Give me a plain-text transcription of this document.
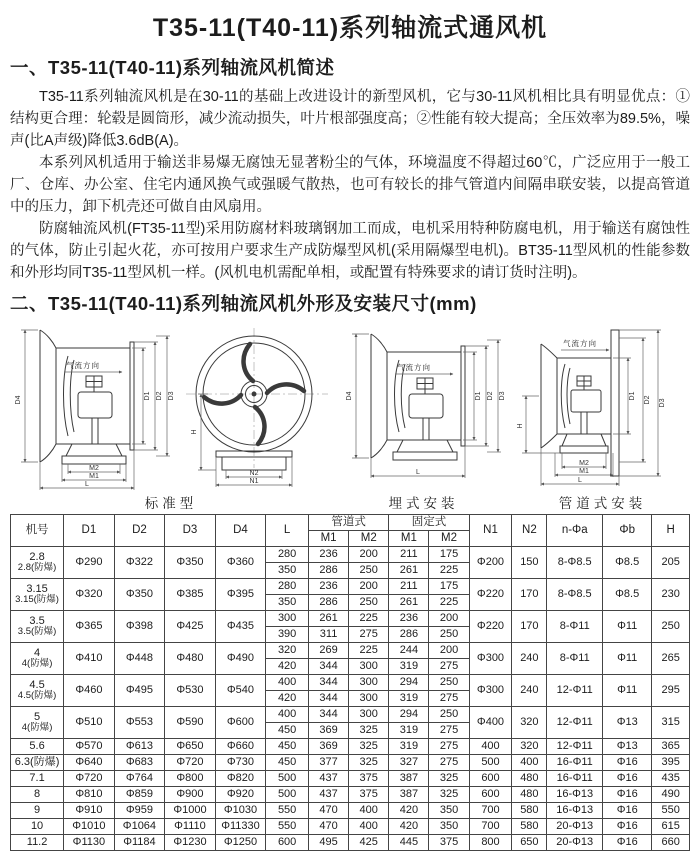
T35-11(T40-11)系列轴流式通风机
一、T35-11(T40-11)系列轴流风机简述

T35-11系列轴流风机是在30-11的基础上改进设计的新型风机，它与30-11风机相比具有明显优点：①结构更合理：轮毂是圆筒形，减少流动损失，叶片根部强度高；②性能有较大提高；全压效率为89.5%，噪声(比A声级)降低3.6dB(A)。

本系列风机适用于输送非易爆无腐蚀无显著粉尘的气体，环境温度不得超过60℃，广泛应用于一般工厂、仓库、办公室、住宅内通风换气或强暖气散热，也可有较长的排气管道内间隔串联安装，以提高管道中的压力，卸下机壳还可做自由风扇用。

防腐轴流风机(FT35-11型)采用防腐材料玻璃钢加工而成，电机采用特种防腐电机，用于输送有腐蚀性的气体，防止引起火花，亦可按用户要求生产成防爆型风机(采用隔爆型电机)。BT35-11型风机的性能参数和外形均同T35-11型风机一样。(风机电机需配单相，或配置有特殊要求的请订货时注明)。

二、T35-11(T40-11)系列轴流风机外形及安装尺寸(mm)
气流方向
D4	D1 D2 D3
M2
M1
L
H
N2
N1
标准型
气流方向
D4	D1 D2 D3
L
埋式安装
气流方向
H
D1 D2 D3
M2
M1
L
管道式安装
机号	D1	D2	D3	D4	L	管道式		固定式		N1	N2	n-Φa	Φb	H
						M1	M2	M1	M2					

2.8
2.8(防爆)	Φ290	Φ322	Φ350	Φ360	280	236	200	211	175	Φ200	150	8-Φ8.5	Φ8.5	205
					350	286	250	261	225					

3.15
3.15(防爆)	Φ320	Φ350	Φ385	Φ395	280	236	200	211	175	Φ220	170	8-Φ8.5	Φ8.5	230
					350	286	250	261	225					

3.5
3.5(防爆)	Φ365	Φ398	Φ425	Φ435	300	261	225	236	200	Φ220	170	8-Φ11	Φ11	250
					390	311	275	286	250					

4
4(防爆)	Φ410	Φ448	Φ480	Φ490	320	269	225	244	200	Φ300	240	8-Φ11	Φ11	265
					420	344	300	319	275					

4.5
4.5(防爆)	Φ460	Φ495	Φ530	Φ540	400	344	300	294	250	Φ300	240	12-Φ11	Φ11	295
					420	344	300	319	275					

5
4(防爆)	Φ510	Φ553	Φ590	Φ600	400	344	300	294	250	Φ400	320	12-Φ11	Φ13	315
					450	369	325	319	275					

5.6	Φ570	Φ613	Φ650	Φ660	450	369	325	319	275	400	320	12-Φ11	Φ13	365

6.3(防爆)	Φ640	Φ683	Φ720	Φ730	450	377	325	327	275	500	400	16-Φ11	Φ16	395

7.1	Φ720	Φ764	Φ800	Φ820	500	437	375	387	325	600	480	16-Φ11	Φ16	435

8	Φ810	Φ859	Φ900	Φ920	500	437	375	387	325	600	480	16-Φ13	Φ16	490

9	Φ910	Φ959	Φ1000	Φ1030	550	470	400	420	350	700	580	16-Φ13	Φ16	550

10	Φ1010	Φ1064	Φ1110	Φ11330	550	470	400	420	350	700	580	20-Φ13	Φ16	615

11.2	Φ1130	Φ1184	Φ1230	Φ1250	600	495	425	445	375	800	650	20-Φ13	Φ16	660
